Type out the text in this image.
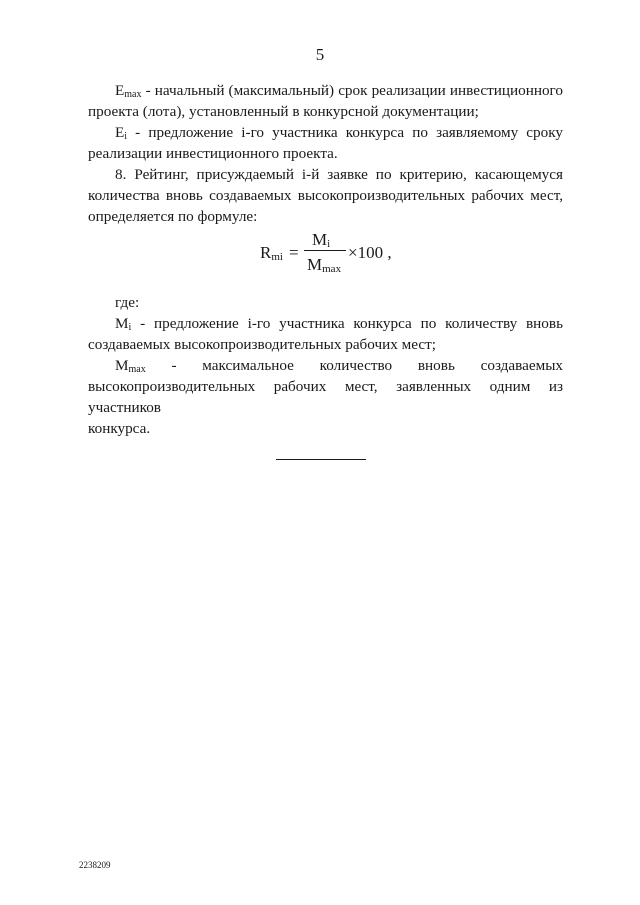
5

$E_{max}$ - начальный (максимальный) срок реализации инвестиционного
проекта (лота), установленный в конкурсной документации;

$E_i$ - предложение i-го участника конкурса по заявляемому сроку
реализации инвестиционного проекта.

8. Рейтинг, присуждаемый i-й заявке по критерию, касающемуся
количества вновь создаваемых высокопроизводительных рабочих мест,
определяется по формуле:

$R_{mi}$ =
$M_i$
$M_{max}$
×100 ,
где:

$M_i$ - предложение i-го участника конкурса по количеству вновь
создаваемых высокопроизводительных рабочих мест;

$M_{max}$ - максимальное количество вновь создаваемых
высокопроизводительных рабочих мест, заявленных одним из участников
конкурса.

2238209
